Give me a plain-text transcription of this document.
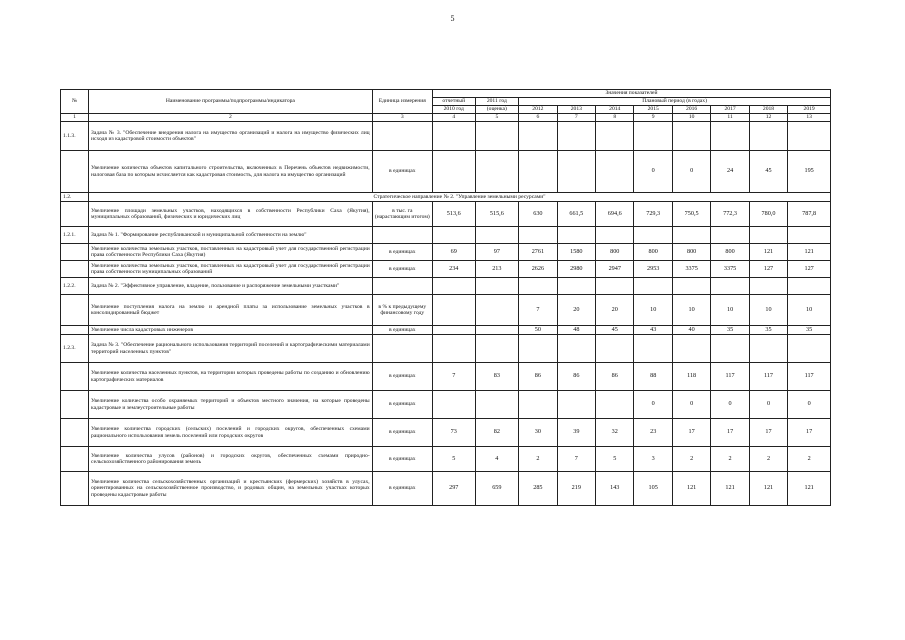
5
№	Наименование программы/подпрограммы/индикатора	Единица измерения	Значения показателей									
			отчетный	2011 год	Плановый период (в годах)							
			2010 год	(оценка)	2012	2013	2014	2015	2016	2017	2018	2019
1	2	3	4	5	6	7	8	9	10	11	12	13
1.1.3.	Задача № 3. "Обеспечение внедрения налога на имущество организаций и налога на имущество физических лиц исходя из кадастровой стоимости объектов"											
	Увеличение количества объектов капитального строительства, включенных в Перечень объектов недвижимости, налоговая база по которым исчисляется как кадастровая стоимость, для налога на имущество организаций	в единицах						0	0	24	45	195
1.2.	Стратегическое направление № 2. "Управление земельными ресурсами"											
	Увеличение площади земельных участков, находящихся в собственности Республики Саха (Якутия), муниципальных образований, физических и юридических лиц	в тыс. га (нарастающим итогом)	513,6	515,6	630	661,5	694,6	729,3	750,5	772,3	780,0	787,8
1.2.1.	Задача № 1. "Формирование республиканской и муниципальной собственности на землю"											
	Увеличение количества земельных участков, поставленных на кадастровый учет для государственной регистрации права собственности Республики Саха (Якутия)	в единицах	69	97	2761	1580	800	800	800	800	121	121
	Увеличение количества земельных участков, поставленных на кадастровый учет для государственной регистрации права собственности муниципальных образований	в единицах	234	213	2626	2980	2947	2953	3375	3375	127	127
1.2.2.	Задача № 2. "Эффективное управление, владение, пользование и распоряжение земельными участками"											
	Увеличение поступления налога на землю и арендной платы за использование земельных участков в консолидированный бюджет	в % к предыдущему финансовому году			7	20	20	10	10	10	10	10
	Увеличение числа кадастровых инженеров	в единицах			50	48	45	43	40	35	35	35
1.2.3.	Задача № 3. "Обеспечение рационального использования территорий поселений и картографическими материалами территорий населенных пунктов"											
	Увеличение количества населенных пунктов, на территории которых проведены работы по созданию и обновлению картографических материалов	в единицах	7	83	86	86	86	88	118	117	117	117
	Увеличение количества особо охраняемых территорий и объектов местного значения, на которые проведены кадастровые и землеустроительные работы	в единицах						0	0	0	0	0
	Увеличение количества городских (сельских) поселений и городских округов, обеспеченных схемами рационального использования земель поселений или городских округов	в единицах	73	82	30	39	32	23	17	17	17	17
	Увеличение количества улусов (районов) и городских округов, обеспеченных схемами природно-сельскохозяйственного районирования земель	в единицах	5	4	2	7	5	3	2	2	2	2
	Увеличение количества сельскохозяйственных организаций и крестьянских (фермерских) хозяйств в улусах, ориентированных на сельскохозяйственное производство, и родовых общин, на земельных участках которых проведены кадастровые работы	в единицах	297	659	285	219	143	105	121	121	121	121
